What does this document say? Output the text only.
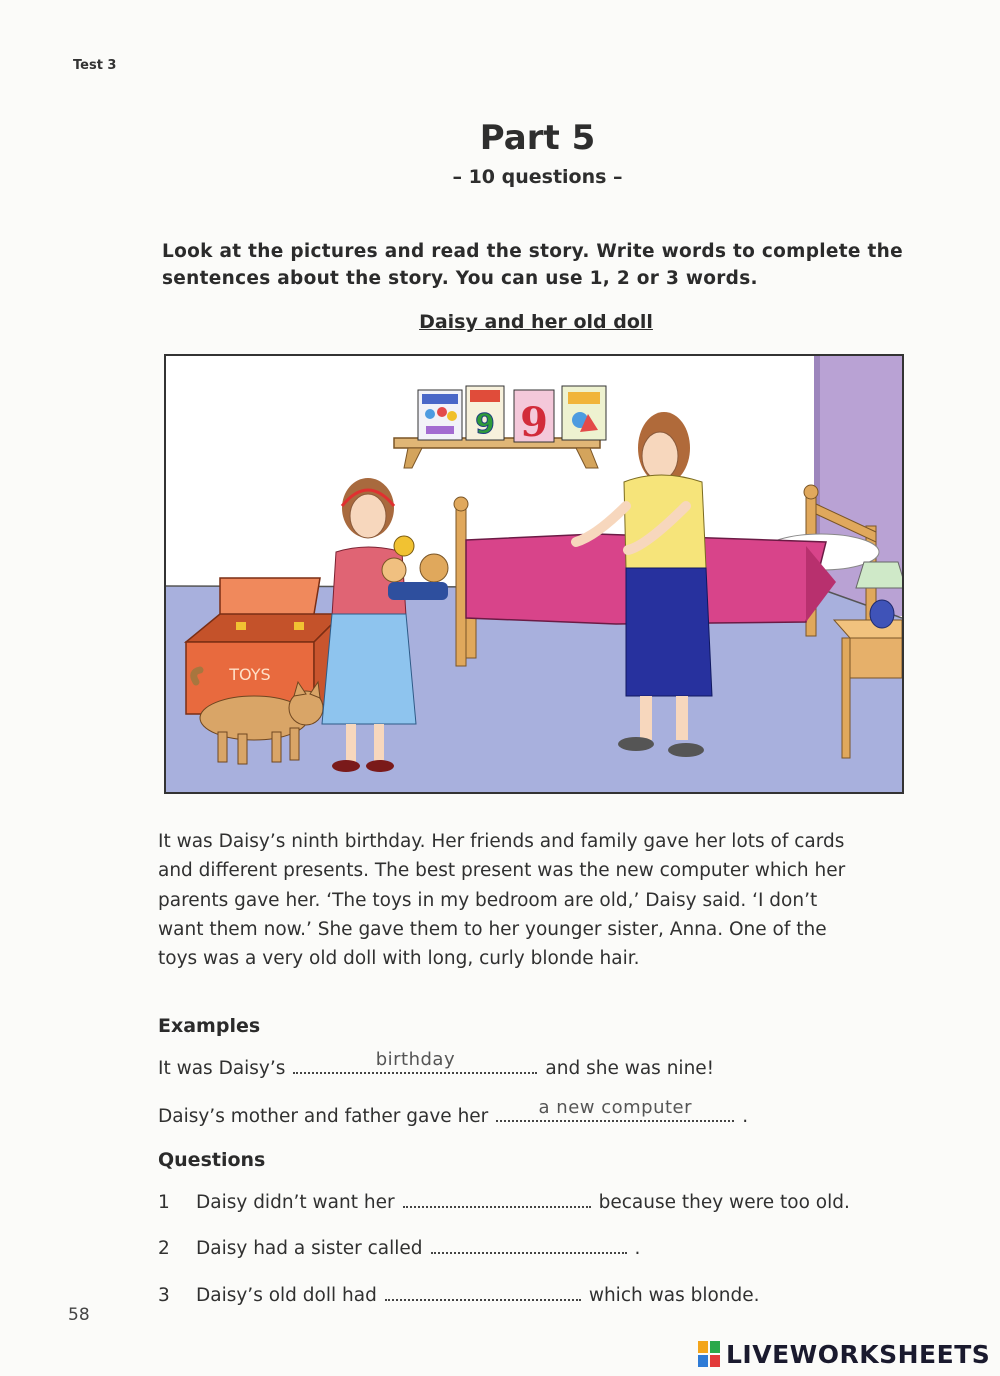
Test 3
Part 5
– 10 questions –
Look at the pictures and read the story. Write words to complete the sentences about the story. You can use 1, 2 or 3 words.
Daisy and her old doll
9 9
TOYS
It was Daisy’s ninth birthday. Her friends and family gave her lots of cards
and different presents. The best present was the new computer which her
parents gave her. ‘The toys in my bedroom are old,’ Daisy said. ‘I don’t
want them now.’ She gave them to her younger sister, Anna. One of the
toys was a very old doll with long, curly blonde hair.
Examples
It was Daisy’s	birthday	and she was nine!
Daisy’s mother and father gave her	a new computer	.
Questions
1 Daisy didn’t want her	because they were too old.
2 Daisy had a sister called	.
3 Daisy’s old doll had	which was blonde.
58
LIVEWORKSHEETS
